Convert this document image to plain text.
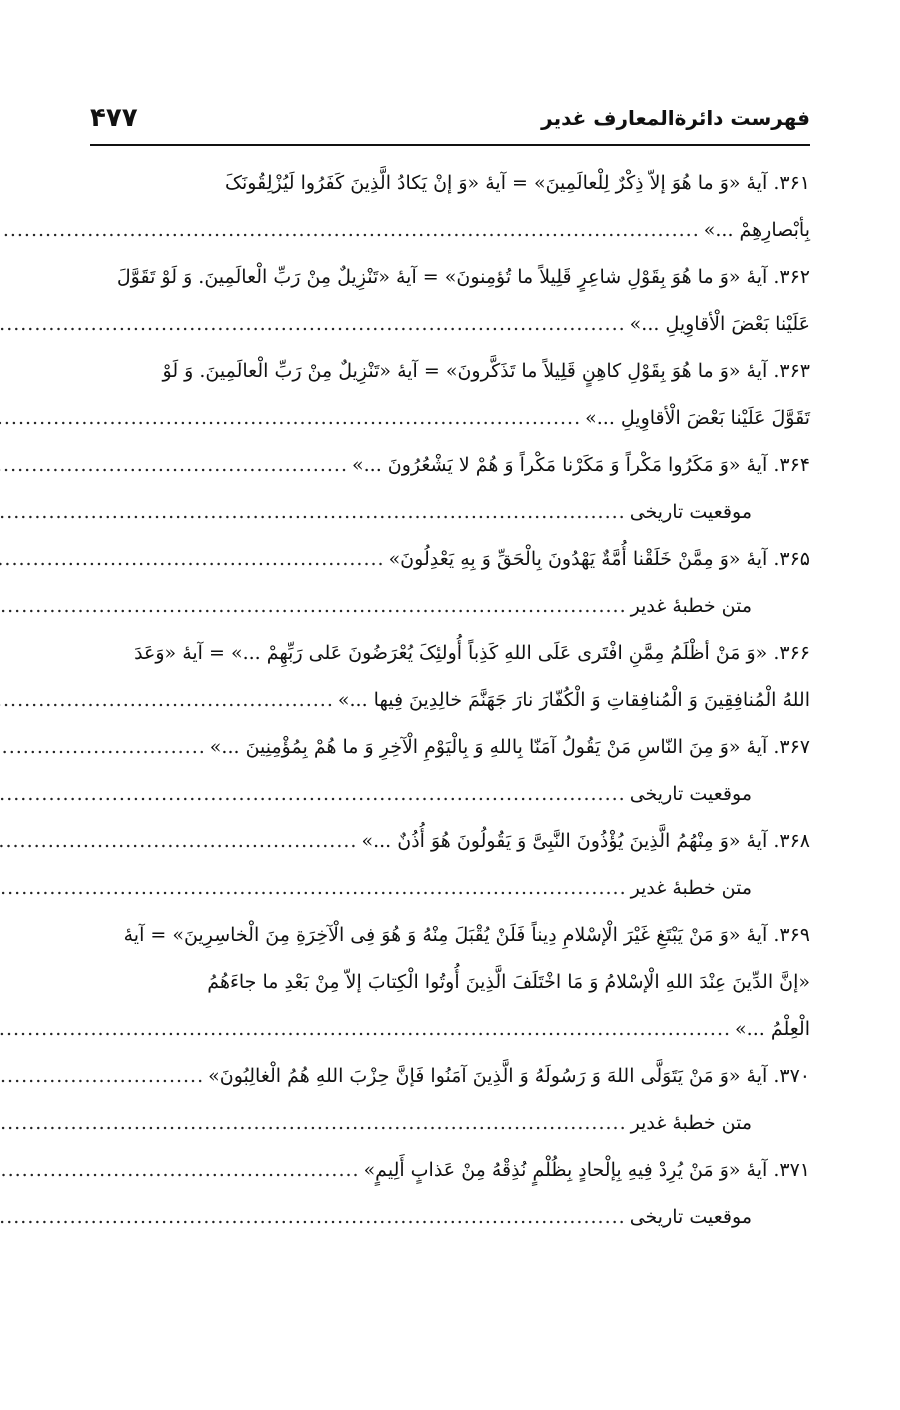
فهرست دائرةالمعارف غدیر
۴۷۷
۳۶۱. آیهٔ «وَ ما هُوَ إلاّ ذِکْرٌ لِلْعالَمِینَ» = آیهٔ «وَ إنْ یَکادُ الَّذِینَ کَفَرُوا لَیُزْلِقُونَکَ
بِأبْصارِهِمْ ...»
.....
۳۶۲. آیهٔ «وَ ما هُوَ بِقَوْلِ شاعِرٍ قَلِیلاً ما تُؤمِنونَ» = آیهٔ «تَنْزِیلٌ مِنْ رَبِّ الْعالَمِینَ. وَ لَوْ تَقَوَّلَ
عَلَیْنا بَعْضَ الْأقاوِیلِ ...»
.....
۳۶۳. آیهٔ «وَ ما هُوَ بِقَوْلِ کاهِنٍ قَلِیلاً ما تَذَکَّرونَ» = آیهٔ «تَنْزِیلٌ مِنْ رَبِّ الْعالَمِینَ. وَ لَوْ
تَقَوَّلَ عَلَیْنا بَعْضَ الْأقاوِیلِ ...»
.....
۳۶۴. آیهٔ «وَ مَکَرُوا مَکْراً وَ مَکَرْنا مَکْراً وَ هُمْ لا یَشْعُرُونَ ...»
.....
موقعیت تاریخی
.....
۳۶۵. آیهٔ «وَ مِمَّنْ خَلَقْنا أُمَّةٌ یَهْدُونَ بِالْحَقِّ وَ بِهِ یَعْدِلُونَ»
.....
متن خطبهٔ غدیر
.....
۳۶۶. «وَ مَنْ أظْلَمُ مِمَّنِ افْتَری عَلَی اللهِ کَذِباً أُولئِکَ یُعْرَضُونَ عَلی رَبِّهِمْ ...» = آیهٔ «وَعَدَ
اللهُ الْمُنافِقِینَ وَ الْمُنافِقاتِ وَ الْکُفّارَ نارَ جَهَنَّمَ خالِدِینَ فِیها ...»
.....
۳۶۷. آیهٔ «وَ مِنَ النّاسِ مَنْ یَقُولُ آمَنّا بِاللهِ وَ بِالْیَوْمِ الْآخِرِ وَ ما هُمْ بِمُؤْمِنِینَ ...»
.....
موقعیت تاریخی
.....
۳۶۸. آیهٔ «وَ مِنْهُمُ الَّذِینَ یُؤْذُونَ النَّبِیَّ وَ یَقُولُونَ هُوَ أُذُنٌ ...»
.....
متن خطبهٔ غدیر
.....
۳۶۹. آیهٔ «وَ مَنْ یَبْتَغِ غَیْرَ الْإسْلامِ دِیناً فَلَنْ یُقْبَلَ مِنْهُ وَ هُوَ فِی الْآخِرَةِ مِنَ الْخاسِرِینَ» = آیهٔ
«إنَّ الدِّینَ عِنْدَ اللهِ الْإسْلامُ وَ مَا اخْتَلَفَ الَّذِینَ أُوتُوا الْکِتابَ إلاّ مِنْ بَعْدِ ما جاءَهُمُ
الْعِلْمُ ...»
.....
۳۷۰. آیهٔ «وَ مَنْ یَتَوَلَّی اللهَ وَ رَسُولَهُ وَ الَّذِینَ آمَنُوا فَإنَّ حِزْبَ اللهِ هُمُ الْغالِبُونَ»
.....
متن خطبهٔ غدیر
.....
۳۷۱. آیهٔ «وَ مَنْ یُرِدْ فِیهِ بِإلْحادٍ بِظُلْمٍ نُذِقْهُ مِنْ عَذابٍ أَلِیمٍ»
.....
موقعیت تاریخی
.....
